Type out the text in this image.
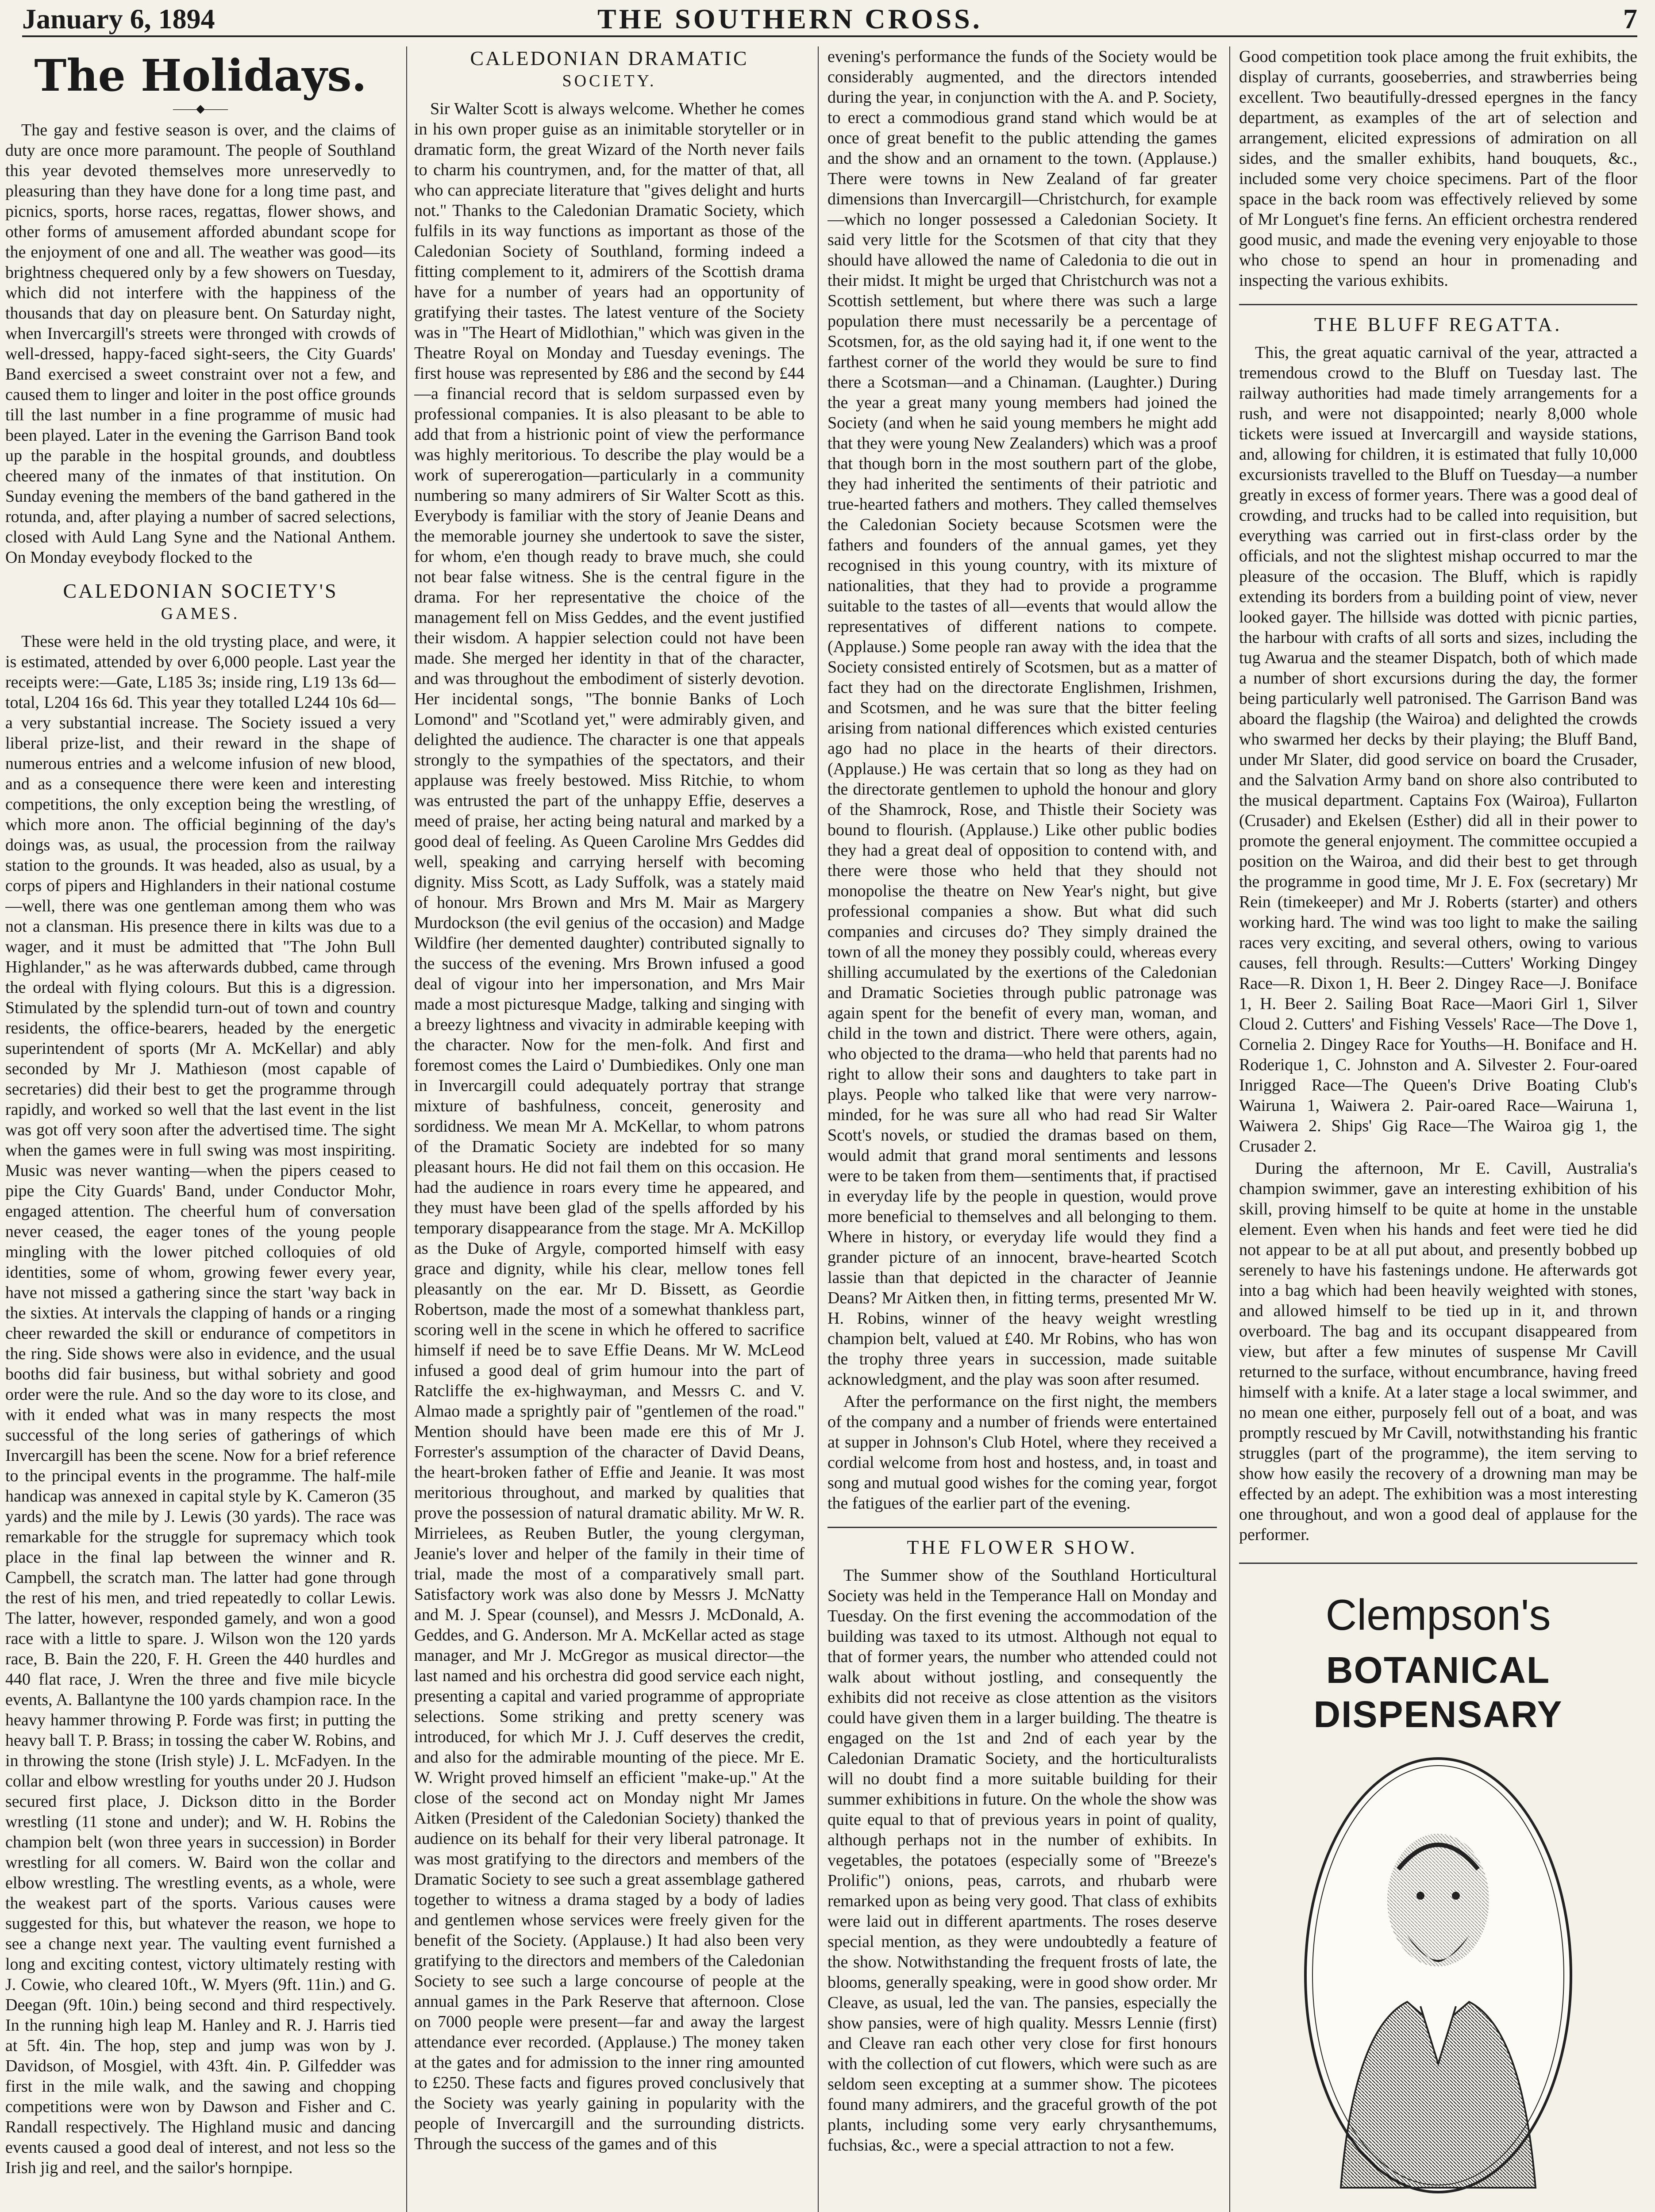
January 6, 1894	THE SOUTHERN CROSS.	7
The Holidays.
——◆——

The gay and festive season is over, and the claims of duty are once more paramount. The people of Southland this year devoted themselves more unreservedly to pleasuring than they have done for a long time past, and picnics, sports, horse races, regattas, flower shows, and other forms of amusement afforded abundant scope for the enjoyment of one and all. The weather was good—its brightness chequered only by a few showers on Tuesday, which did not interfere with the happiness of the thousands that day on pleasure bent. On Saturday night, when Invercargill's streets were thronged with crowds of well-dressed, happy-faced sight-seers, the City Guards' Band exercised a sweet constraint over not a few, and caused them to linger and loiter in the post office grounds till the last number in a fine programme of music had been played. Later in the evening the Garrison Band took up the parable in the hospital grounds, and doubtless cheered many of the inmates of that institution. On Sunday evening the members of the band gathered in the rotunda, and, after playing a number of sacred selections, closed with Auld Lang Syne and the National Anthem. On Monday eveybody flocked to the

CALEDONIAN SOCIETY'S
GAMES.

These were held in the old trysting place, and were, it is estimated, attended by over 6,000 people. Last year the receipts were:—Gate, L185 3s; inside ring, L19 13s 6d—total, L204 16s 6d. This year they totalled L244 10s 6d—a very substantial increase. The Society issued a very liberal prize-list, and their reward in the shape of numerous entries and a welcome infusion of new blood, and as a consequence there were keen and interesting competitions, the only exception being the wrestling, of which more anon. The official beginning of the day's doings was, as usual, the procession from the railway station to the grounds. It was headed, also as usual, by a corps of pipers and Highlanders in their national costume—well, there was one gentleman among them who was not a clansman. His presence there in kilts was due to a wager, and it must be admitted that "The John Bull Highlander," as he was afterwards dubbed, came through the ordeal with flying colours. But this is a digression. Stimulated by the splendid turn-out of town and country residents, the office-bearers, headed by the energetic superintendent of sports (Mr A. McKellar) and ably seconded by Mr J. Mathieson (most capable of secretaries) did their best to get the programme through rapidly, and worked so well that the last event in the list was got off very soon after the advertised time. The sight when the games were in full swing was most inspiriting. Music was never wanting—when the pipers ceased to pipe the City Guards' Band, under Conductor Mohr, engaged attention. The cheerful hum of conversation never ceased, the eager tones of the young people mingling with the lower pitched colloquies of old identities, some of whom, growing fewer every year, have not missed a gathering since the start 'way back in the sixties. At intervals the clapping of hands or a ringing cheer rewarded the skill or endurance of competitors in the ring. Side shows were also in evidence, and the usual booths did fair business, but withal sobriety and good order were the rule. And so the day wore to its close, and with it ended what was in many respects the most successful of the long series of gatherings of which Invercargill has been the scene. Now for a brief reference to the principal events in the programme. The half-mile handicap was annexed in capital style by K. Cameron (35 yards) and the mile by J. Lewis (30 yards). The race was remarkable for the struggle for supremacy which took place in the final lap between the winner and R. Campbell, the scratch man. The latter had gone through the rest of his men, and tried repeatedly to collar Lewis. The latter, however, responded gamely, and won a good race with a little to spare. J. Wilson won the 120 yards race, B. Bain the 220, F. H. Green the 440 hurdles and 440 flat race, J. Wren the three and five mile bicycle events, A. Ballantyne the 100 yards champion race. In the heavy hammer throwing P. Forde was first; in putting the heavy ball T. P. Brass; in tossing the caber W. Robins, and in throwing the stone (Irish style) J. L. McFadyen. In the collar and elbow wrestling for youths under 20 J. Hudson secured first place, J. Dickson ditto in the Border wrestling (11 stone and under); and W. H. Robins the champion belt (won three years in succession) in Border wrestling for all comers. W. Baird won the collar and elbow wrestling. The wrestling events, as a whole, were the weakest part of the sports. Various causes were suggested for this, but whatever the reason, we hope to see a change next year. The vaulting event furnished a long and exciting contest, victory ultimately resting with J. Cowie, who cleared 10ft., W. Myers (9ft. 11in.) and G. Deegan (9ft. 10in.) being second and third respectively. In the running high leap M. Hanley and R. J. Harris tied at 5ft. 4in. The hop, step and jump was won by J. Davidson, of Mosgiel, with 43ft. 4in. P. Gilfedder was first in the mile walk, and the sawing and chopping competitions were won by Dawson and Fisher and C. Randall respectively. The Highland music and dancing events caused a good deal of interest, and not less so the Irish jig and reel, and the sailor's hornpipe.

CALEDONIAN DRAMATIC
SOCIETY.

Sir Walter Scott is always welcome. Whether he comes in his own proper guise as an inimitable storyteller or in dramatic form, the great Wizard of the North never fails to charm his countrymen, and, for the matter of that, all who can appreciate literature that "gives delight and hurts not." Thanks to the Caledonian Dramatic Society, which fulfils in its way functions as important as those of the Caledonian Society of Southland, forming indeed a fitting complement to it, admirers of the Scottish drama have for a number of years had an opportunity of gratifying their tastes. The latest venture of the Society was in "The Heart of Midlothian," which was given in the Theatre Royal on Monday and Tuesday evenings. The first house was represented by £86 and the second by £44—a financial record that is seldom surpassed even by professional companies. It is also pleasant to be able to add that from a histrionic point of view the performance was highly meritorious. To describe the play would be a work of supererogation—particularly in a community numbering so many admirers of Sir Walter Scott as this. Everybody is familiar with the story of Jeanie Deans and the memorable journey she undertook to save the sister, for whom, e'en though ready to brave much, she could not bear false witness. She is the central figure in the drama. For her representative the choice of the management fell on Miss Geddes, and the event justified their wisdom. A happier selection could not have been made. She merged her identity in that of the character, and was throughout the embodiment of sisterly devotion. Her incidental songs, "The bonnie Banks of Loch Lomond" and "Scotland yet," were admirably given, and delighted the audience. The character is one that appeals strongly to the sympathies of the spectators, and their applause was freely bestowed. Miss Ritchie, to whom was entrusted the part of the unhappy Effie, deserves a meed of praise, her acting being natural and marked by a good deal of feeling. As Queen Caroline Mrs Geddes did well, speaking and carrying herself with becoming dignity. Miss Scott, as Lady Suffolk, was a stately maid of honour. Mrs Brown and Mrs M. Mair as Margery Murdockson (the evil genius of the occasion) and Madge Wildfire (her demented daughter) contributed signally to the success of the evening. Mrs Brown infused a good deal of vigour into her impersonation, and Mrs Mair made a most picturesque Madge, talking and singing with a breezy lightness and vivacity in admirable keeping with the character. Now for the men-folk. And first and foremost comes the Laird o' Dumbiedikes. Only one man in Invercargill could adequately portray that strange mixture of bashfulness, conceit, generosity and sordidness. We mean Mr A. McKellar, to whom patrons of the Dramatic Society are indebted for so many pleasant hours. He did not fail them on this occasion. He had the audience in roars every time he appeared, and they must have been glad of the spells afforded by his temporary disappearance from the stage. Mr A. McKillop as the Duke of Argyle, comported himself with easy grace and dignity, while his clear, mellow tones fell pleasantly on the ear. Mr D. Bissett, as Geordie Robertson, made the most of a somewhat thankless part, scoring well in the scene in which he offered to sacrifice himself if need be to save Effie Deans. Mr W. McLeod infused a good deal of grim humour into the part of Ratcliffe the ex-highwayman, and Messrs C. and V. Almao made a sprightly pair of "gentlemen of the road." Mention should have been made ere this of Mr J. Forrester's assumption of the character of David Deans, the heart-broken father of Effie and Jeanie. It was most meritorious throughout, and marked by qualities that prove the possession of natural dramatic ability. Mr W. R. Mirrielees, as Reuben Butler, the young clergyman, Jeanie's lover and helper of the family in their time of trial, made the most of a comparatively small part. Satisfactory work was also done by Messrs J. McNatty and M. J. Spear (counsel), and Messrs J. McDonald, A. Geddes, and G. Anderson. Mr A. McKellar acted as stage manager, and Mr J. McGregor as musical director—the last named and his orchestra did good service each night, presenting a capital and varied programme of appropriate selections. Some striking and pretty scenery was introduced, for which Mr J. J. Cuff deserves the credit, and also for the admirable mounting of the piece. Mr E. W. Wright proved himself an efficient "make-up." At the close of the second act on Monday night Mr James Aitken (President of the Caledonian Society) thanked the audience on its behalf for their very liberal patronage. It was most gratifying to the directors and members of the Dramatic Society to see such a great assemblage gathered together to witness a drama staged by a body of ladies and gentlemen whose services were freely given for the benefit of the Society. (Applause.) It had also been very gratifying to the directors and members of the Caledonian Society to see such a large concourse of people at the annual games in the Park Reserve that afternoon. Close on 7000 people were present—far and away the largest attendance ever recorded. (Applause.) The money taken at the gates and for admission to the inner ring amounted to £250. These facts and figures proved conclusively that the Society was yearly gaining in popularity with the people of Invercargill and the surrounding districts. Through the success of the games and of this

evening's performance the funds of the Society would be considerably augmented, and the directors intended during the year, in conjunction with the A. and P. Society, to erect a commodious grand stand which would be at once of great benefit to the public attending the games and the show and an ornament to the town. (Applause.) There were towns in New Zealand of far greater dimensions than Invercargill—Christchurch, for example—which no longer possessed a Caledonian Society. It said very little for the Scotsmen of that city that they should have allowed the name of Caledonia to die out in their midst. It might be urged that Christchurch was not a Scottish settlement, but where there was such a large population there must necessarily be a percentage of Scotsmen, for, as the old saying had it, if one went to the farthest corner of the world they would be sure to find there a Scotsman—and a Chinaman. (Laughter.) During the year a great many young members had joined the Society (and when he said young members he might add that they were young New Zealanders) which was a proof that though born in the most southern part of the globe, they had inherited the sentiments of their patriotic and true-hearted fathers and mothers. They called themselves the Caledonian Society because Scotsmen were the fathers and founders of the annual games, yet they recognised in this young country, with its mixture of nationalities, that they had to provide a programme suitable to the tastes of all—events that would allow the representatives of different nations to compete. (Applause.) Some people ran away with the idea that the Society consisted entirely of Scotsmen, but as a matter of fact they had on the directorate Englishmen, Irishmen, and Scotsmen, and he was sure that the bitter feeling arising from national differences which existed centuries ago had no place in the hearts of their directors. (Applause.) He was certain that so long as they had on the directorate gentlemen to uphold the honour and glory of the Shamrock, Rose, and Thistle their Society was bound to flourish. (Applause.) Like other public bodies they had a great deal of opposition to contend with, and there were those who held that they should not monopolise the theatre on New Year's night, but give professional companies a show. But what did such companies and circuses do? They simply drained the town of all the money they possibly could, whereas every shilling accumulated by the exertions of the Caledonian and Dramatic Societies through public patronage was again spent for the benefit of every man, woman, and child in the town and district. There were others, again, who objected to the drama—who held that parents had no right to allow their sons and daughters to take part in plays. People who talked like that were very narrow-minded, for he was sure all who had read Sir Walter Scott's novels, or studied the dramas based on them, would admit that grand moral sentiments and lessons were to be taken from them—sentiments that, if practised in everyday life by the people in question, would prove more beneficial to themselves and all belonging to them. Where in history, or everyday life would they find a grander picture of an innocent, brave-hearted Scotch lassie than that depicted in the character of Jeannie Deans? Mr Aitken then, in fitting terms, presented Mr W. H. Robins, winner of the heavy weight wrestling champion belt, valued at £40. Mr Robins, who has won the trophy three years in succession, made suitable acknowledgment, and the play was soon after resumed.

After the performance on the first night, the members of the company and a number of friends were entertained at supper in Johnson's Club Hotel, where they received a cordial welcome from host and hostess, and, in toast and song and mutual good wishes for the coming year, forgot the fatigues of the earlier part of the evening.

THE FLOWER SHOW.

The Summer show of the Southland Horticultural Society was held in the Temperance Hall on Monday and Tuesday. On the first evening the accommodation of the building was taxed to its utmost. Although not equal to that of former years, the number who attended could not walk about without jostling, and consequently the exhibits did not receive as close attention as the visitors could have given them in a larger building. The theatre is engaged on the 1st and 2nd of each year by the Caledonian Dramatic Society, and the horticulturalists will no doubt find a more suitable building for their summer exhibitions in future. On the whole the show was quite equal to that of previous years in point of quality, although perhaps not in the number of exhibits. In vegetables, the potatoes (especially some of "Breeze's Prolific") onions, peas, carrots, and rhubarb were remarked upon as being very good. That class of exhibits were laid out in different apartments. The roses deserve special mention, as they were undoubtedly a feature of the show. Notwithstanding the frequent frosts of late, the blooms, generally speaking, were in good show order. Mr Cleave, as usual, led the van. The pansies, especially the show pansies, were of high quality. Messrs Lennie (first) and Cleave ran each other very close for first honours with the collection of cut flowers, which were such as are seldom seen excepting at a summer show. The picotees found many admirers, and the graceful growth of the pot plants, including some very early chrysanthemums, fuchsias, &c., were a special attraction to not a few.

Good competition took place among the fruit exhibits, the display of currants, gooseberries, and strawberries being excellent. Two beautifully-dressed epergnes in the fancy department, as examples of the art of selection and arrangement, elicited expressions of admiration on all sides, and the smaller exhibits, hand bouquets, &c., included some very choice specimens. Part of the floor space in the back room was effectively relieved by some of Mr Longuet's fine ferns. An efficient orchestra rendered good music, and made the evening very enjoyable to those who chose to spend an hour in promenading and inspecting the various exhibits.

THE BLUFF REGATTA.

This, the great aquatic carnival of the year, attracted a tremendous crowd to the Bluff on Tuesday last. The railway authorities had made timely arrangements for a rush, and were not disappointed; nearly 8,000 whole tickets were issued at Invercargill and wayside stations, and, allowing for children, it is estimated that fully 10,000 excursionists travelled to the Bluff on Tuesday—a number greatly in excess of former years. There was a good deal of crowding, and trucks had to be called into requisition, but everything was carried out in first-class order by the officials, and not the slightest mishap occurred to mar the pleasure of the occasion. The Bluff, which is rapidly extending its borders from a building point of view, never looked gayer. The hillside was dotted with picnic parties, the harbour with crafts of all sorts and sizes, including the tug Awarua and the steamer Dispatch, both of which made a number of short excursions during the day, the former being particularly well patronised. The Garrison Band was aboard the flagship (the Wairoa) and delighted the crowds who swarmed her decks by their playing; the Bluff Band, under Mr Slater, did good service on board the Crusader, and the Salvation Army band on shore also contributed to the musical department. Captains Fox (Wairoa), Fullarton (Crusader) and Ekelsen (Esther) did all in their power to promote the general enjoyment. The committee occupied a position on the Wairoa, and did their best to get through the programme in good time, Mr J. E. Fox (secretary) Mr Rein (timekeeper) and Mr J. Roberts (starter) and others working hard. The wind was too light to make the sailing races very exciting, and several others, owing to various causes, fell through. Results:—Cutters' Working Dingey Race—R. Dixon 1, H. Beer 2. Dingey Race—J. Boniface 1, H. Beer 2. Sailing Boat Race—Maori Girl 1, Silver Cloud 2. Cutters' and Fishing Vessels' Race—The Dove 1, Cornelia 2. Dingey Race for Youths—H. Boniface and H. Roderique 1, C. Johnston and A. Silvester 2. Four-oared Inrigged Race—The Queen's Drive Boating Club's Wairuna 1, Waiwera 2. Pair-oared Race—Wairuna 1, Waiwera 2. Ships' Gig Race—The Wairoa gig 1, the Crusader 2.

During the afternoon, Mr E. Cavill, Australia's champion swimmer, gave an interesting exhibition of his skill, proving himself to be quite at home in the unstable element. Even when his hands and feet were tied he did not appear to be at all put about, and presently bobbed up serenely to have his fastenings undone. He afterwards got into a bag which had been heavily weighted with stones, and allowed himself to be tied up in it, and thrown overboard. The bag and its occupant disappeared from view, but after a few minutes of suspense Mr Cavill returned to the surface, without encumbrance, having freed himself with a knife. At a later stage a local swimmer, and no mean one either, purposely fell out of a boat, and was promptly rescued by Mr Cavill, notwithstanding his frantic struggles (part of the programme), the item serving to show how easily the recovery of a drowning man may be effected by an adept. The exhibition was a most interesting one throughout, and won a good deal of applause for the performer.

Clempson's
BOTANICAL DISPENSARY
